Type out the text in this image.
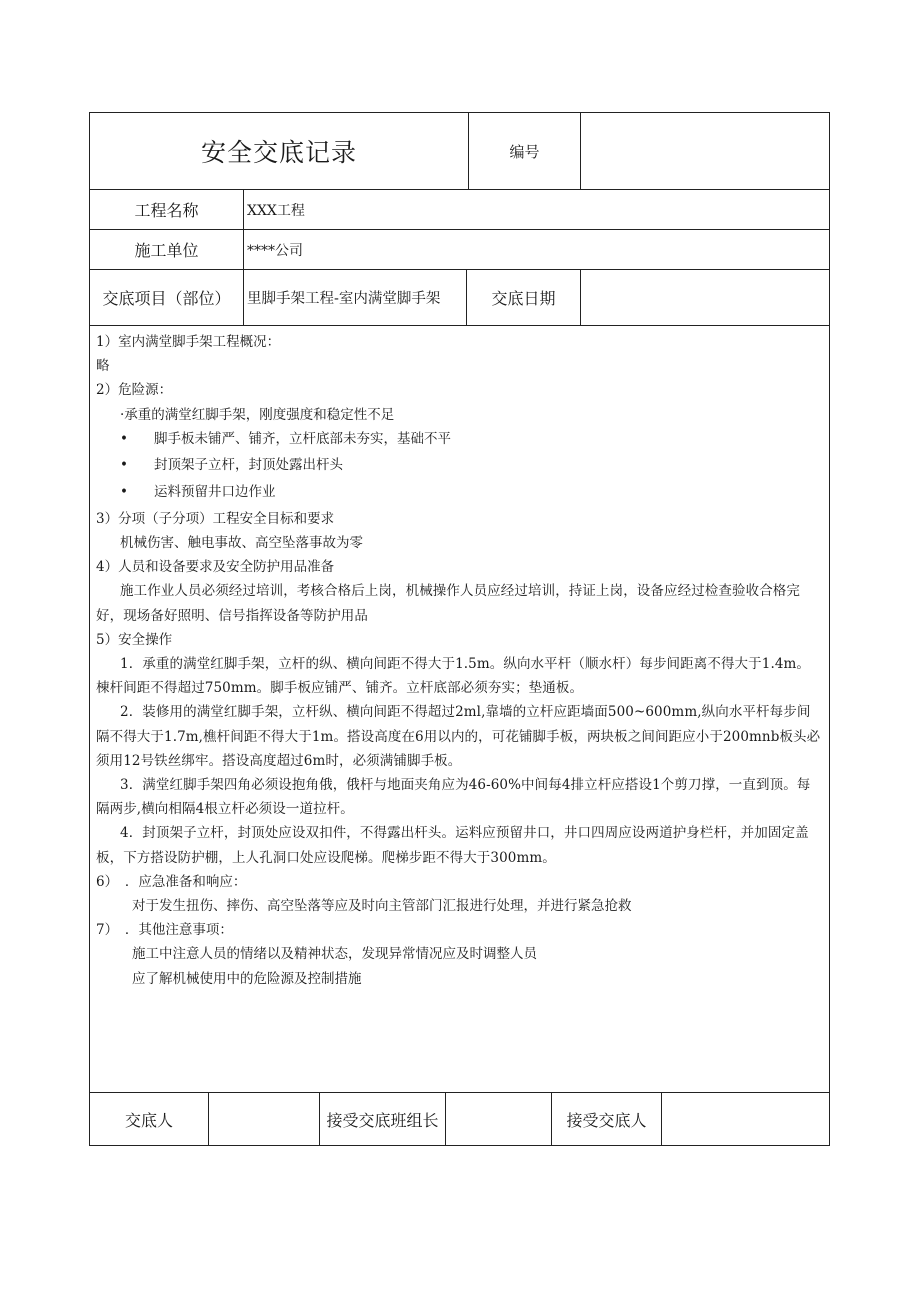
安全交底记录	编号
工程名称	XXX工程
施工单位	****公司
交底项目（部位）	里脚手架工程-室内满堂脚手架	交底日期
1）室内满堂脚手架工程概况：
略
2）危险源：
·承重的满堂红脚手架，刚度强度和稳定性不足
• 脚手板未铺严、铺齐，立杆底部未夯实，基础不平
• 封顶架子立杆，封顶处露出杆头
• 运料预留井口边作业
3）分项（子分项）工程安全目标和要求
机械伤害、触电事故、高空坠落事故为零
4）人员和设备要求及安全防护用品准备
施工作业人员必须经过培训，考核合格后上岗，机械操作人员应经过培训，持证上岗，设备应经过检查验收合格完好，现场备好照明、信号指挥设备等防护用品
5）安全操作
1．承重的满堂红脚手架，立杆的纵、横向间距不得大于1.5m。纵向水平杆（顺水杆）每步间距离不得大于1.4m。棟杆间距不得超过750mm。脚手板应铺严、铺齐。立杆底部必须夯实；垫通板。
2．装修用的满堂红脚手架，立杆纵、横向间距不得超过2ml,靠墙的立杆应距墙面500~600mm,纵向水平杆每步间隔不得大于1.7m,樵杆间距不得大于1m。搭设高度在6用以内的，可花铺脚手板，两块板之间间距应小于200mnb板头必须用12号铁丝绑牢。搭设高度超过6m时，必须满铺脚手板。
3．满堂红脚手架四角必须设抱角俄，俄杆与地面夹角应为46-60%中间每4排立杆应搭设1个剪刀撑，一直到顶。每隔两步,横向相隔4根立杆必须设一道拉杆。
4．封顶架子立杆，封顶处应设双扣件，不得露出杆头。运料应预留井口，井口四周应设两道护身栏杆，并加固定盖板，下方搭设防护棚，上人孔洞口处应设爬梯。爬梯步距不得大于300mm。
6）　．应急准备和响应：
对于发生扭伤、摔伤、高空坠落等应及时向主管部门汇报进行处理，并进行紧急抢救
7）　．其他注意事项：
施工中注意人员的情绪以及精神状态，发现异常情况应及时调整人员
应了解机械使用中的危险源及控制措施
交底人	接受交底班组长	接受交底人
